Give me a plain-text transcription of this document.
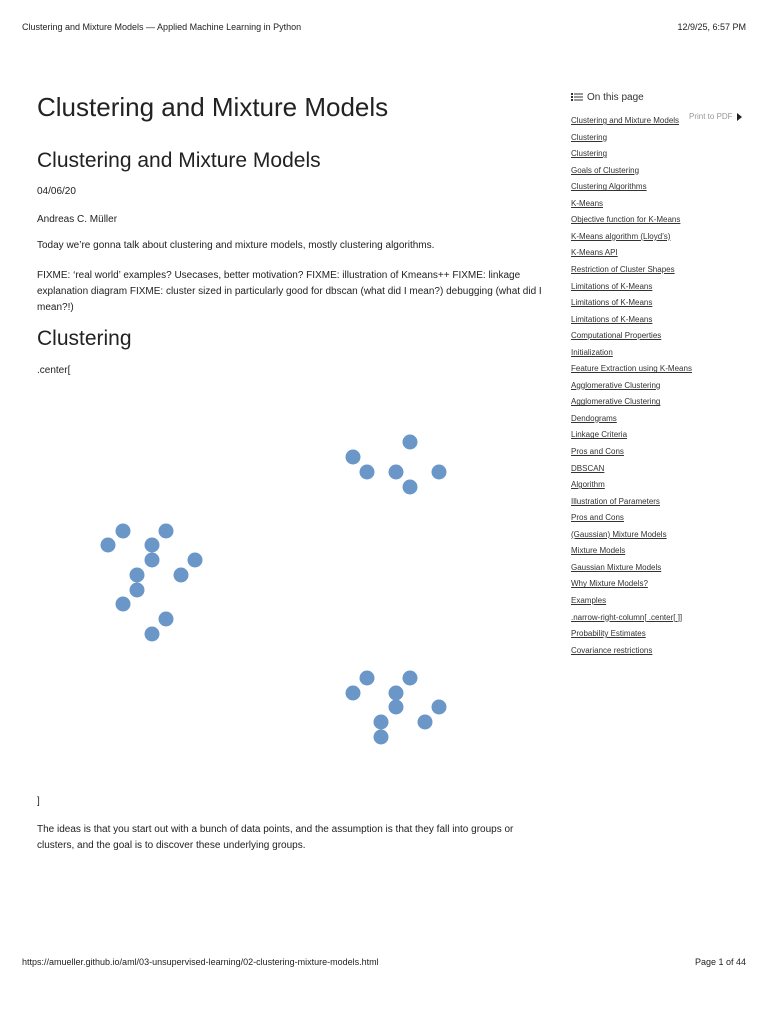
Clustering and Mixture Models — Applied Machine Learning in Python	12/9/25, 6:57 PM
Clustering and Mixture Models
Clustering and Mixture Models
04/06/20
Andreas C. Müller
Today we’re gonna talk about clustering and mixture models, mostly clustering algorithms.
FIXME: ‘real world’ examples? Usecases, better motivation? FIXME: illustration of Kmeans++ FIXME: linkage explanation diagram FIXME: cluster sized in particularly good for dbscan (what did I mean?) debugging (what did I mean?!)
Clustering
.center[
]
The ideas is that you start out with a bunch of data points, and the assumption is that they fall into groups or clusters, and the goal is to discover these underlying groups.
On this page
Clustering and Mixture Models
Clustering
Clustering
Goals of Clustering
Clustering Algorithms
K-Means
Objective function for K-Means
K-Means algorithm (Lloyd’s)
K-Means API
Restriction of Cluster Shapes
Limitations of K-Means
Limitations of K-Means
Limitations of K-Means
Computational Properties
Initialization
Feature Extraction using K-Means
Agglomerative Clustering
Agglomerative Clustering
Dendograms
Linkage Criteria
Pros and Cons
DBSCAN
Algorithm
Illustration of Parameters
Pros and Cons
(Gaussian) Mixture Models
Mixture Models
Gaussian Mixture Models
Why Mixture Models?
Examples
.narrow-right-column[ .center[ ]]
Probability Estimates
Covariance restrictions
Print to PDF
https://amueller.github.io/aml/03-unsupervised-learning/02-clustering-mixture-models.html	Page 1 of 44
